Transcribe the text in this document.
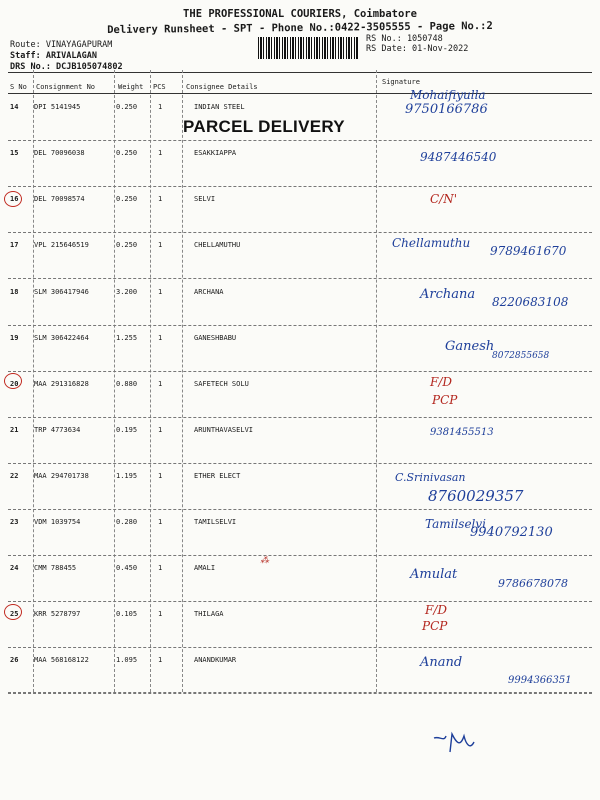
THE PROFESSIONAL COURIERS, Coimbatore
Delivery Runsheet - SPT - Phone No.:0422-3505555 - Page No.:2
Route: VINAYAGAPURAM
Staff: ARIVALAGAN
DRS No.: DCJB105074802
RS No.: 1050748
RS Date: 01-Nov-2022
S No Consignment No	Weight PCS	Consignee Details
Signature
14 DPI 5141945	0.250	1	INDIAN STEEL
Mohaifiyulla
9750166786
15 DEL 70096038	0.250	1	ESAKKIAPPA	9487446540
16 DEL 70098574	0.250	1	SELVI	C/N'
17 VPL 215646519	0.250	1	CHELLAMUTHU	Chellamuthu
9789461670
18 SLM 306417946	3.200	1	ARCHANA	Archana 8220683108
19 SLM 306422464	1.255	1	GANESHBABU
Ganesh
8072855658
20 MAA 291316828	0.880	1	SAFETECH SOLU	F/D
PCP
21 TRP 4773634	0.195	1	ARUNTHAVASELVI	9381455513
22 MAA 294701738	1.195	1	ETHER ELECT	C.Srinivasan
8760029357
23 VDM 1039754	0.280	1	TAMILSELVI	Tamilselvi
9940792130
24 CMM 788455	0.450	1	AMALI	Amulat
9786678078
25 KRR 5278797	0.105	1	THILAGA	F/D
PCP
26 MAA 568168122	1.095	1	ANANDKUMAR	Anand
9994366351
PARCEL DELIVERY
⁂
